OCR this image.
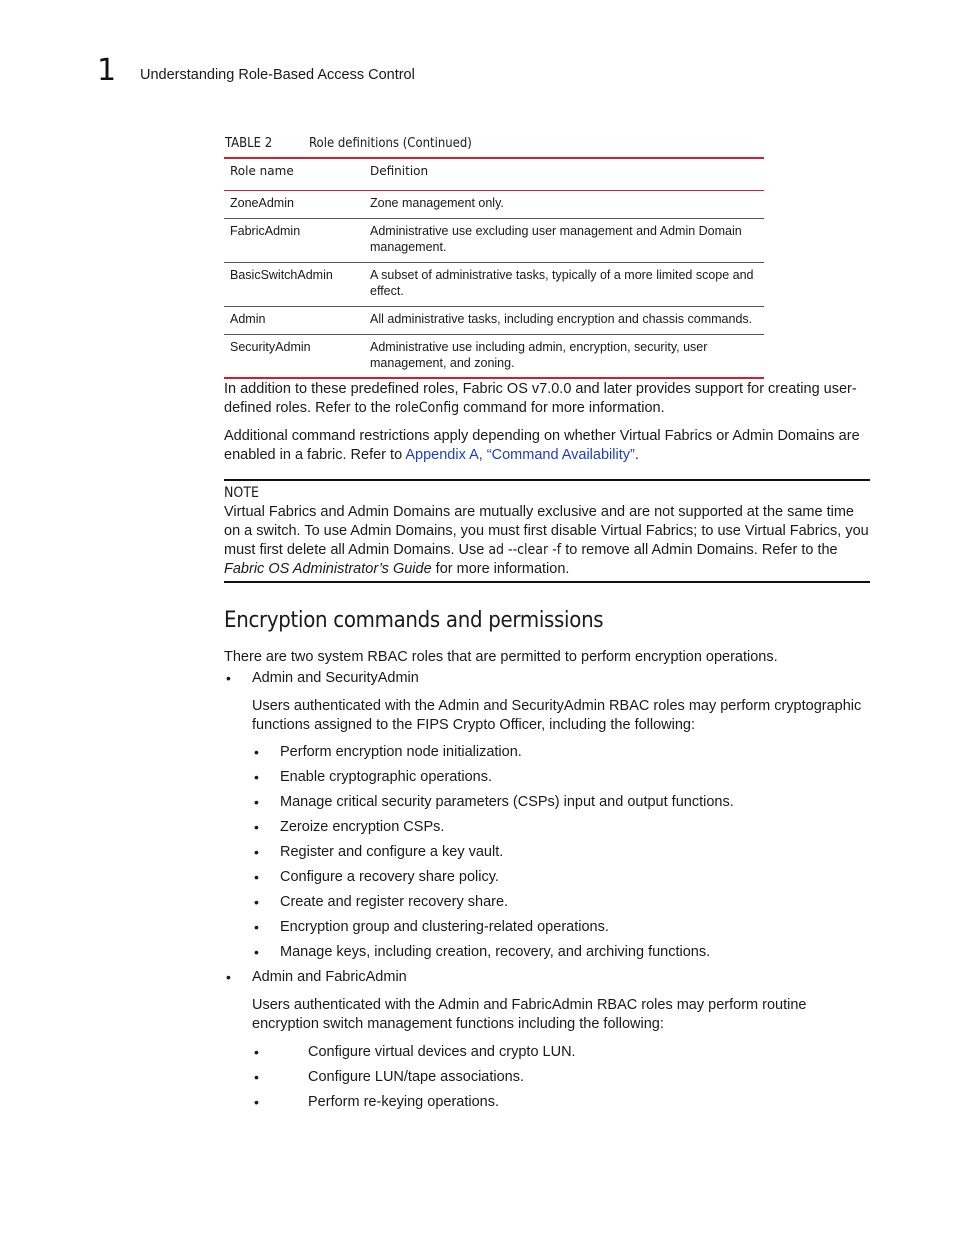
1 Understanding Role-Based Access Control
TABLE 2	Role definitions (Continued)
Role name	Definition
ZoneAdmin	Zone management only.
FabricAdmin	Administrative use excluding user management and Admin Domain management.
BasicSwitchAdmin	A subset of administrative tasks, typically of a more limited scope and effect.
Admin	All administrative tasks, including encryption and chassis commands.
SecurityAdmin	Administrative use including admin, encryption, security, user management, and zoning.

In addition to these predefined roles, Fabric OS v7.0.0 and later provides support for creating user-defined roles. Refer to the roleConfig command for more information.

Additional command restrictions apply depending on whether Virtual Fabrics or Admin Domains are enabled in a fabric. Refer to Appendix A, “Command Availability”.

NOTE

Virtual Fabrics and Admin Domains are mutually exclusive and are not supported at the same time on a switch. To use Admin Domains, you must first disable Virtual Fabrics; to use Virtual Fabrics, you must first delete all Admin Domains. Use ad --clear -f to remove all Admin Domains. Refer to the Fabric OS Administrator’s Guide for more information.

Encryption commands and permissions

There are two system RBAC roles that are permitted to perform encryption operations.

• Admin and SecurityAdmin

Users authenticated with the Admin and SecurityAdmin RBAC roles may perform cryptographic functions assigned to the FIPS Crypto Officer, including the following:

• Perform encryption node initialization.
• Enable cryptographic operations.
• Manage critical security parameters (CSPs) input and output functions.
• Zeroize encryption CSPs.
• Register and configure a key vault.
• Configure a recovery share policy.
• Create and register recovery share.
• Encryption group and clustering-related operations.
• Manage keys, including creation, recovery, and archiving functions.
• Admin and FabricAdmin

Users authenticated with the Admin and FabricAdmin RBAC roles may perform routine encryption switch management functions including the following:

•	Configure virtual devices and crypto LUN.
•	Configure LUN/tape associations.
•	Perform re-keying operations.
